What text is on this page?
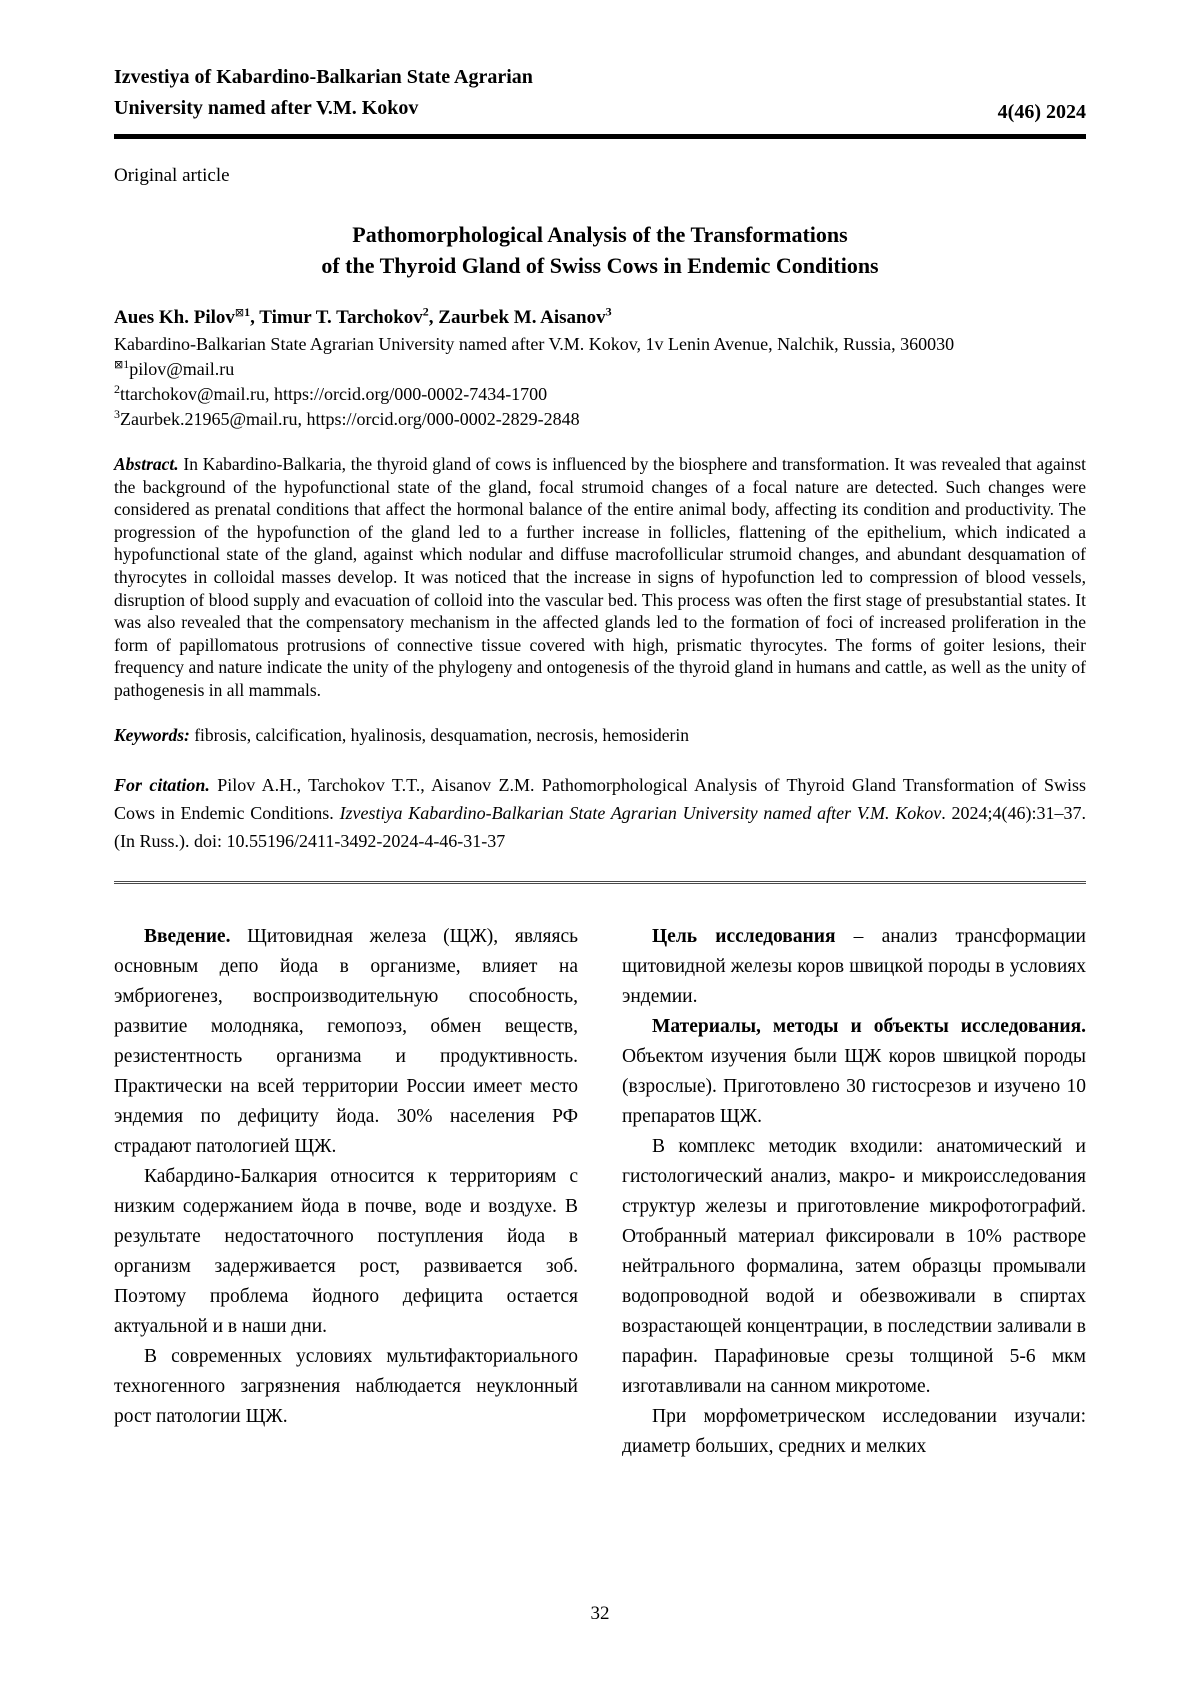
Izvestiya of Kabardino-Balkarian State Agrarian
University named after V.M. Kokov	4(46) 2024
Original article
Pathomorphological Analysis of the Transformations
of the Thyroid Gland of Swiss Cows in Endemic Conditions
Aues Kh. Pilov$^{⊠1}$, Timur T. Tarchokov$^2$, Zaurbek M. Aisanov$^3$
Kabardino-Balkarian State Agrarian University named after V.M. Kokov, 1v Lenin Avenue, Nalchik, Russia, 360030
$^{⊠1}$pilov@mail.ru
$^2$ttarchokov@mail.ru, https://orcid.org/000-0002-7434-1700
$^3$Zaurbek.21965@mail.ru, https://orcid.org/000-0002-2829-2848

Abstract. In Kabardino-Balkaria, the thyroid gland of cows is influenced by the biosphere and transformation. It was revealed that against the background of the hypofunctional state of the gland, focal strumoid changes of a focal nature are detected. Such changes were considered as prenatal conditions that affect the hormonal balance of the entire animal body, affecting its condition and productivity. The progression of the hypofunction of the gland led to a further increase in follicles, flattening of the epithelium, which indicated a hypofunctional state of the gland, against which nodular and diffuse macrofollicular strumoid changes, and abundant desquamation of thyrocytes in colloidal masses develop. It was noticed that the increase in signs of hypofunction led to compression of blood vessels, disruption of blood supply and evacuation of colloid into the vascular bed. This process was often the first stage of presubstantial states. It was also revealed that the compensatory mechanism in the affected glands led to the formation of foci of increased proliferation in the form of papillomatous protrusions of connective tissue covered with high, prismatic thyrocytes. The forms of goiter lesions, their frequency and nature indicate the unity of the phylogeny and ontogenesis of the thyroid gland in humans and cattle, as well as the unity of pathogenesis in all mammals.

Keywords: fibrosis, calcification, hyalinosis, desquamation, necrosis, hemosiderin

For citation. Pilov A.H., Tarchokov T.T., Aisanov Z.M. Pathomorphological Analysis of Thyroid Gland Transformation of Swiss Cows in Endemic Conditions. Izvestiya Kabardino-Balkarian State Agrarian University named after V.M. Kokov. 2024;4(46):31–37. (In Russ.). doi: 10.55196/2411-3492-2024-4-46-31-37

Введение. Щитовидная железа (ЩЖ), являясь основным депо йода в организме, влияет на эмбриогенез, воспроизводительную способность, развитие молодняка, гемопоэз, обмен веществ, резистентность организма и продуктивность. Практически на всей территории России имеет место эндемия по дефициту йода. 30% населения РФ страдают патологией ЩЖ.

Кабардино-Балкария относится к территориям с низким содержанием йода в почве, воде и воздухе. В результате недостаточного поступления йода в организм задерживается рост, развивается зоб. Поэтому проблема йодного дефицита остается актуальной и в наши дни.

В современных условиях мультифакториального техногенного загрязнения наблюдается неуклонный рост патологии ЩЖ.

Цель исследования – анализ трансформации щитовидной железы коров швицкой породы в условиях эндемии.

Материалы, методы и объекты исследования. Объектом изучения были ЩЖ коров швицкой породы (взрослые). Приготовлено 30 гистосрезов и изучено 10 препаратов ЩЖ.

В комплекс методик входили: анатомический и гистологический анализ, макро- и микроисследования структур железы и приготовление микрофотографий. Отобранный материал фиксировали в 10% растворе нейтрального формалина, затем образцы промывали водопроводной водой и обезвоживали в спиртах возрастающей концентрации, в последствии заливали в парафин. Парафиновые срезы толщиной 5-6 мкм изготавливали на санном микротоме.

При морфометрическом исследовании изучали: диаметр больших, средних и мелких

32
